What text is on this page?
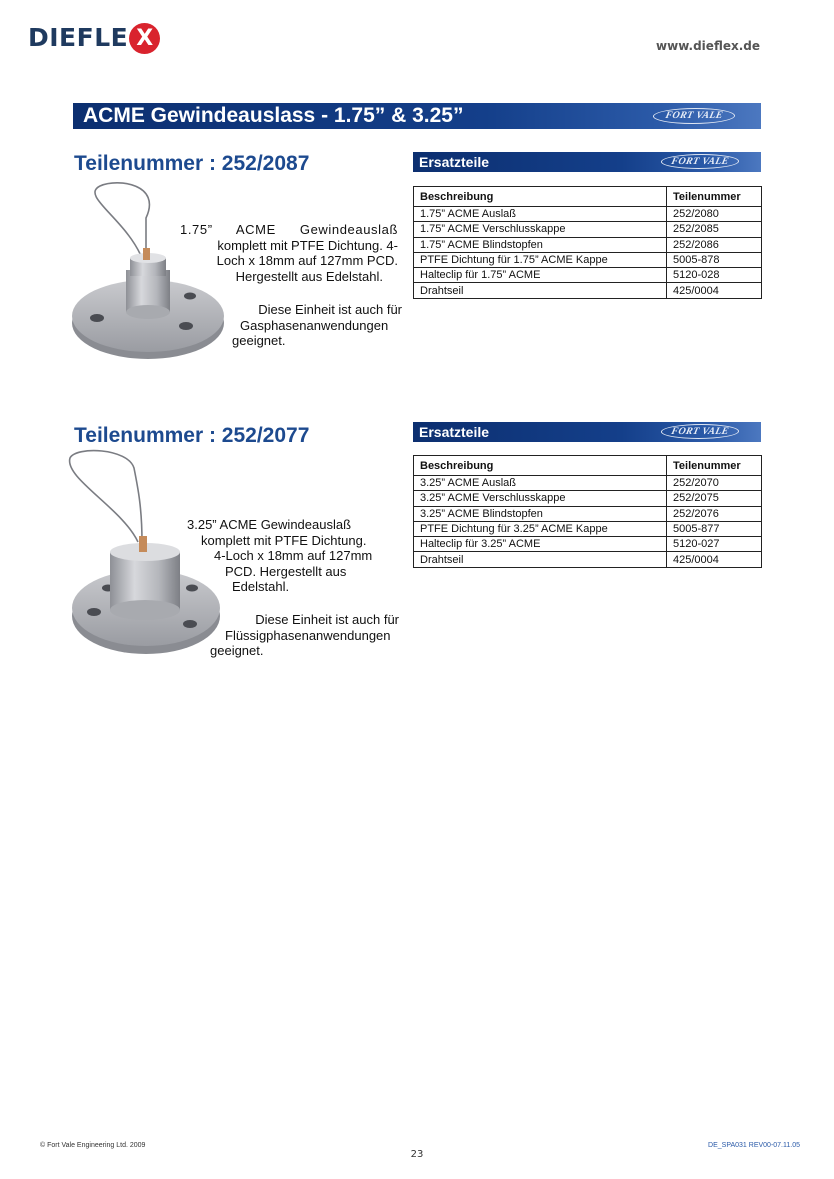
DIEFLE X	www.dieflex.de
ACME Gewindeauslass - 1.75” & 3.25”	FORT VALE
Teilenummer : 252/2087

1.75” ACME Gewindeauslaß

komplett mit PTFE Dichtung. 4-

Loch x 18mm auf 127mm PCD.

Hergestellt aus Edelstahl.

Diese Einheit ist auch für

Gasphasenanwendungen

geeignet.

Ersatzteile	FORT VALE
Beschreibung	Teilenummer
1.75” ACME Auslaß	252/2080
1.75” ACME Verschlusskappe	252/2085
1.75” ACME Blindstopfen	252/2086
PTFE Dichtung für 1.75” ACME Kappe	5005-878
Halteclip für 1.75” ACME	5120-028
Drahtseil	425/0004
Teilenummer : 252/2077

3.25” ACME Gewindeauslaß

komplett mit PTFE Dichtung.

4-Loch x 18mm auf 127mm

PCD. Hergestellt aus

Edelstahl.

Diese Einheit ist auch für

Flüssigphasenanwendungen

geeignet.

Ersatzteile	FORT VALE
Beschreibung	Teilenummer
3.25” ACME Auslaß	252/2070
3.25” ACME Verschlusskappe	252/2075
3.25” ACME Blindstopfen	252/2076
PTFE Dichtung für 3.25” ACME Kappe	5005-877
Halteclip für 3.25” ACME	5120-027
Drahtseil	425/0004
© Fort Vale Engineering Ltd. 2009
23
DE_SPA031 REV00-07.11.05
